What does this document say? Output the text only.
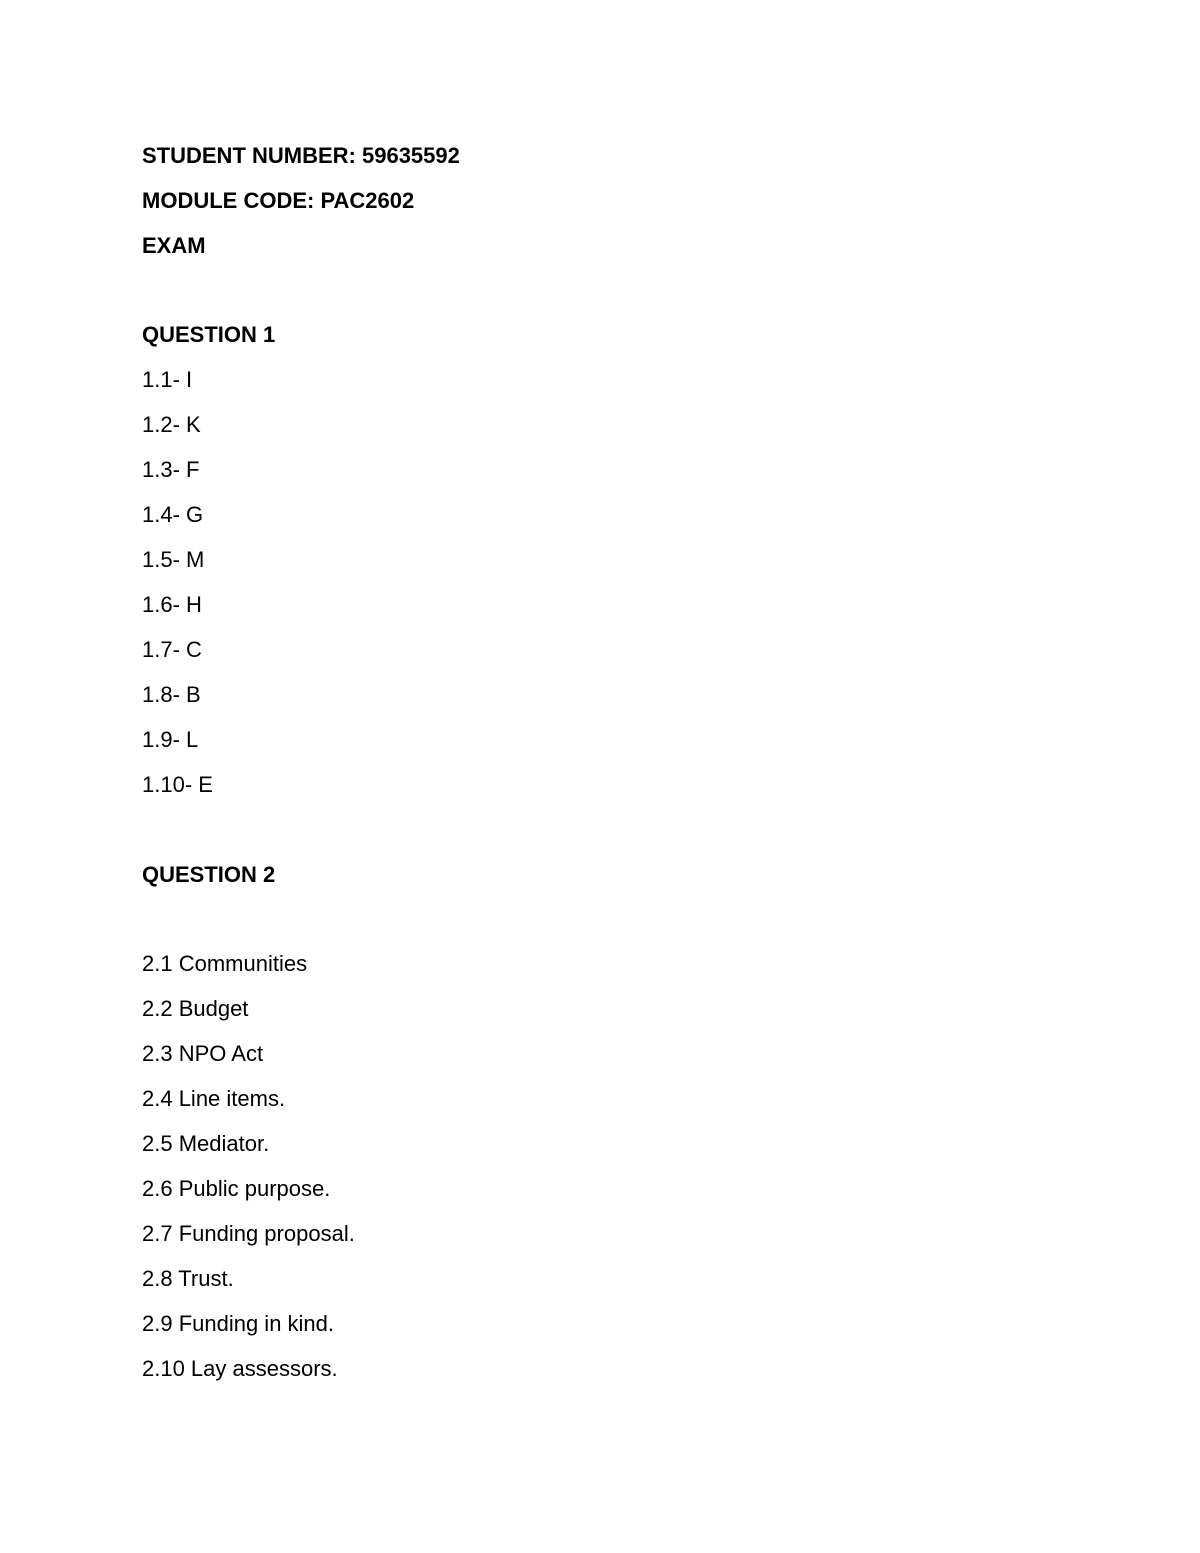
STUDENT NUMBER: 59635592
MODULE CODE: PAC2602
EXAM
QUESTION 1
1.1- I
1.2- K
1.3- F
1.4- G
1.5- M
1.6- H
1.7- C
1.8- B
1.9- L
1.10- E
QUESTION 2
2.1 Communities
2.2 Budget
2.3 NPO Act
2.4 Line items.
2.5 Mediator.
2.6 Public purpose.
2.7 Funding proposal.
2.8 Trust.
2.9 Funding in kind.
2.10 Lay assessors.
